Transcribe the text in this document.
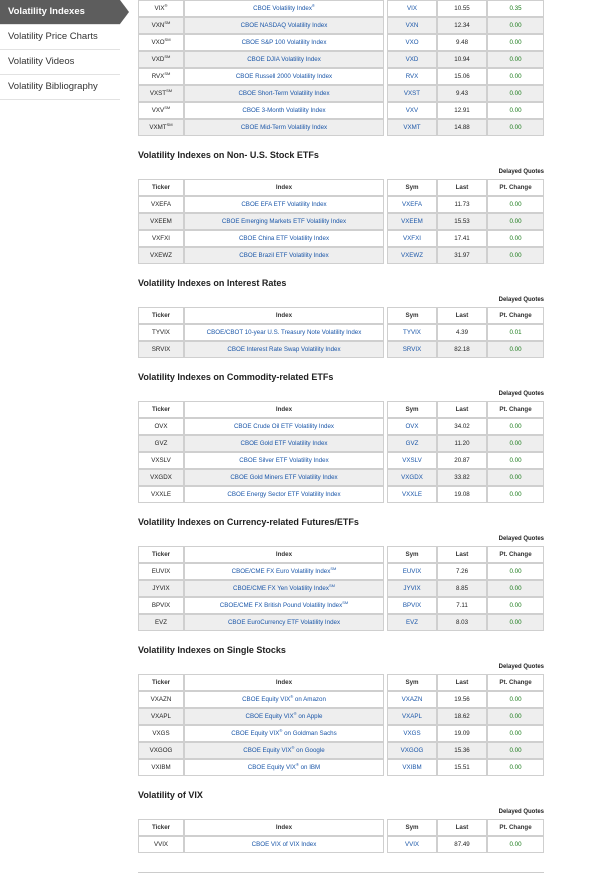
Volatility Indexes
Volatility Price Charts
Volatility Videos
Volatility Bibliography
VIX®	CBOE Volatility Index®		VIX	10.55	0.35
VXN℠	CBOE NASDAQ Volatility Index		VXN	12.34	0.00
VXO℠	CBOE S&P 100 Volatility Index		VXO	9.48	0.00
VXD℠	CBOE DJIA Volatility Index		VXD	10.94	0.00
RVX℠	CBOE Russell 2000 Volatility Index		RVX	15.06	0.00
VXST℠	CBOE Short-Term Volatility Index		VXST	9.43	0.00
VXV℠	CBOE 3-Month Volatility Index		VXV	12.91	0.00
VXMT℠	CBOE Mid-Term Volatility Index		VXMT	14.88	0.00
Volatility Indexes on Non- U.S. Stock ETFs
Delayed Quotes
Ticker	Index		Sym	Last	Pt. Change
VXEFA	CBOE EFA ETF Volatility Index		VXEFA	11.73	0.00
VXEEM	CBOE Emerging Markets ETF Volatility Index		VXEEM	15.53	0.00
VXFXI	CBOE China ETF Volatility Index		VXFXI	17.41	0.00
VXEWZ	CBOE Brazil ETF Volatility Index		VXEWZ	31.97	0.00
Volatility Indexes on Interest Rates
Delayed Quotes
Ticker	Index		Sym	Last	Pt. Change
TYVIX	CBOE/CBOT 10-year U.S. Treasury Note Volatility Index		TYVIX	4.39	0.01
SRVIX	CBOE Interest Rate Swap Volatility Index		SRVIX	82.18	0.00
Volatility Indexes on Commodity-related ETFs
Delayed Quotes
Ticker	Index		Sym	Last	Pt. Change
OVX	CBOE Crude Oil ETF Volatility Index		OVX	34.02	0.00
GVZ	CBOE Gold ETF Volatility Index		GVZ	11.20	0.00
VXSLV	CBOE Silver ETF Volatility Index		VXSLV	20.87	0.00
VXGDX	CBOE Gold Miners ETF Volatility Index		VXGDX	33.82	0.00
VXXLE	CBOE Energy Sector ETF Volatility Index		VXXLE	19.08	0.00
Volatility Indexes on Currency-related Futures/ETFs
Delayed Quotes
Ticker	Index		Sym	Last	Pt. Change
EUVIX	CBOE/CME FX Euro Volatility Index℠		EUVIX	7.26	0.00
JYVIX	CBOE/CME FX Yen Volatility Index℠		JYVIX	8.85	0.00
BPVIX	CBOE/CME FX British Pound Volatility Index℠		BPVIX	7.11	0.00
EVZ	CBOE EuroCurrency ETF Volatility Index		EVZ	8.03	0.00
Volatility Indexes on Single Stocks
Delayed Quotes
Ticker	Index		Sym	Last	Pt. Change
VXAZN	CBOE Equity VIX® on Amazon		VXAZN	19.56	0.00
VXAPL	CBOE Equity VIX® on Apple		VXAPL	18.62	0.00
VXGS	CBOE Equity VIX® on Goldman Sachs		VXGS	19.09	0.00
VXGOG	CBOE Equity VIX® on Google		VXGOG	15.36	0.00
VXIBM	CBOE Equity VIX® on IBM		VXIBM	15.51	0.00
Volatility of VIX
Delayed Quotes
Ticker	Index		Sym	Last	Pt. Change
VVIX	CBOE VIX of VIX Index		VVIX	87.49	0.00
